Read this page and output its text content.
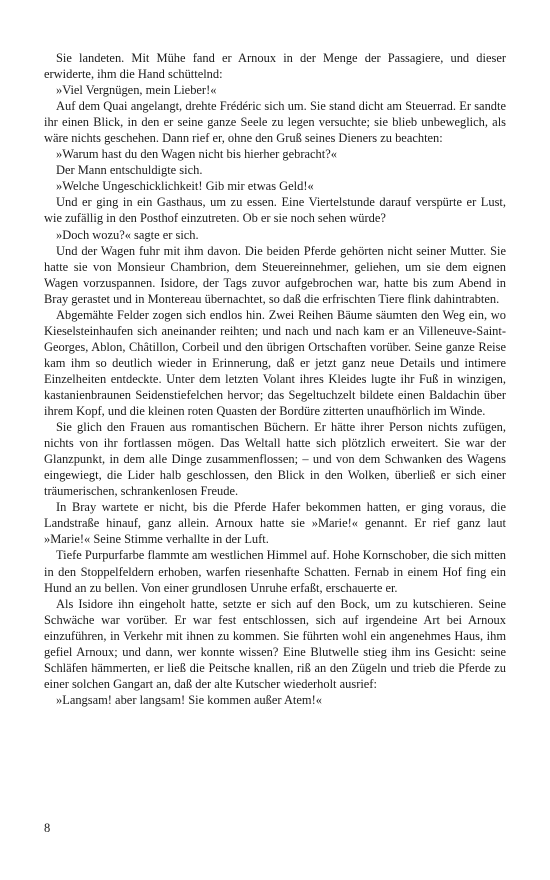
Sie landeten. Mit Mühe fand er Arnoux in der Menge der Passagiere, und dieser erwiderte, ihm die Hand schüttelnd:

»Viel Vergnügen, mein Lieber!«

Auf dem Quai angelangt, drehte Frédéric sich um. Sie stand dicht am Steuerrad. Er sandte ihr einen Blick, in den er seine ganze Seele zu legen versuchte; sie blieb unbeweglich, als wäre nichts geschehen. Dann rief er, ohne den Gruß seines Dieners zu beachten:

»Warum hast du den Wagen nicht bis hierher gebracht?«

Der Mann entschuldigte sich.

»Welche Ungeschicklichkeit! Gib mir etwas Geld!«

Und er ging in ein Gasthaus, um zu essen. Eine Viertelstunde darauf verspürte er Lust, wie zufällig in den Posthof einzutreten. Ob er sie noch sehen würde?

»Doch wozu?« sagte er sich.

Und der Wagen fuhr mit ihm davon. Die beiden Pferde gehörten nicht seiner Mutter. Sie hatte sie von Monsieur Chambrion, dem Steuereinnehmer, geliehen, um sie dem eignen Wagen vorzuspannen. Isidore, der Tags zuvor aufgebrochen war, hatte bis zum Abend in Bray gerastet und in Montereau übernachtet, so daß die erfrischten Tiere flink dahintrabten.

Abgemähte Felder zogen sich endlos hin. Zwei Reihen Bäume säumten den Weg ein, wo Kieselsteinhaufen sich aneinander reihten; und nach und nach kam er an Villeneuve-Saint-Georges, Ablon, Châtillon, Corbeil und den übrigen Ortschaften vorüber. Seine ganze Reise kam ihm so deutlich wieder in Erinnerung, daß er jetzt ganz neue Details und intimere Einzelheiten entdeckte. Unter dem letzten Volant ihres Kleides lugte ihr Fuß in winzigen, kastanienbraunen Seidenstiefelchen hervor; das Segeltuchzelt bildete einen Baldachin über ihrem Kopf, und die kleinen roten Quasten der Bordüre zitterten unaufhörlich im Winde.

Sie glich den Frauen aus romantischen Büchern. Er hätte ihrer Person nichts zufügen, nichts von ihr fortlassen mögen. Das Weltall hatte sich plötzlich erweitert. Sie war der Glanzpunkt, in dem alle Dinge zusammenflossen; – und von dem Schwanken des Wagens eingewiegt, die Lider halb geschlossen, den Blick in den Wolken, überließ er sich einer träumerischen, schrankenlosen Freude.

In Bray wartete er nicht, bis die Pferde Hafer bekommen hatten, er ging voraus, die Landstraße hinauf, ganz allein. Arnoux hatte sie »Marie!« genannt. Er rief ganz laut »Marie!« Seine Stimme verhallte in der Luft.

Tiefe Purpurfarbe flammte am westlichen Himmel auf. Hohe Kornschober, die sich mitten in den Stoppelfeldern erhoben, warfen riesenhafte Schatten. Fernab in einem Hof fing ein Hund an zu bellen. Von einer grundlosen Unruhe erfaßt, erschauerte er.

Als Isidore ihn eingeholt hatte, setzte er sich auf den Bock, um zu kutschieren. Seine Schwäche war vorüber. Er war fest entschlossen, sich auf irgendeine Art bei Arnoux einzuführen, in Verkehr mit ihnen zu kommen. Sie führten wohl ein angenehmes Haus, ihm gefiel Arnoux; und dann, wer konnte wissen? Eine Blutwelle stieg ihm ins Gesicht: seine Schläfen hämmerten, er ließ die Peitsche knallen, riß an den Zügeln und trieb die Pferde zu einer solchen Gangart an, daß der alte Kutscher wiederholt ausrief:

»Langsam! aber langsam! Sie kommen außer Atem!«

8
